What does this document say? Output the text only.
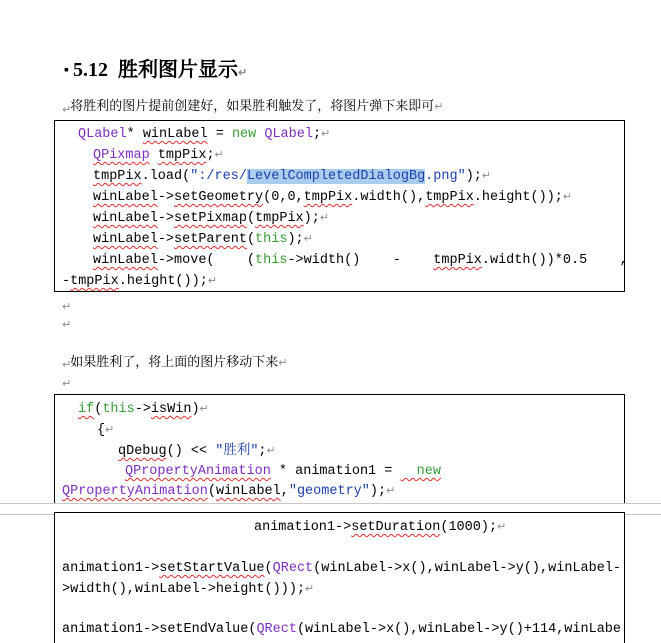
▪ 5.12 胜利图片显示↵

将胜利的图片提前创建好，如果胜利触发了，将图片弹下来即可↵

↵
QLabel* winLabel = new QLabel;↵
QPixmap tmpPix;↵
tmpPix.load(":/res/LevelCompletedDialogBg.png");↵
winLabel->setGeometry(0,0,tmpPix.width(),tmpPix.height());↵
winLabel->setPixmap(tmpPix);↵
winLabel->setParent(this);↵
winLabel->move(    (this->width()    -    tmpPix.width())*0.5    ,
-tmpPix.height());↵
↵
↵

如果胜利了，将上面的图片移动下来↵

↵
↵
if(this->isWin)↵
{↵
qDebug() << "胜利";↵
QPropertyAnimation * animation1 =   new
QPropertyAnimation(winLabel,"geometry");↵
animation1->setDuration(1000);↵
animation1->setStartValue(QRect(winLabel->x(),winLabel->y(),winLabel-
>width(),winLabel->height()));↵
animation1->setEndValue(QRect(winLabel->x(),winLabel->y()+114,winLabe
